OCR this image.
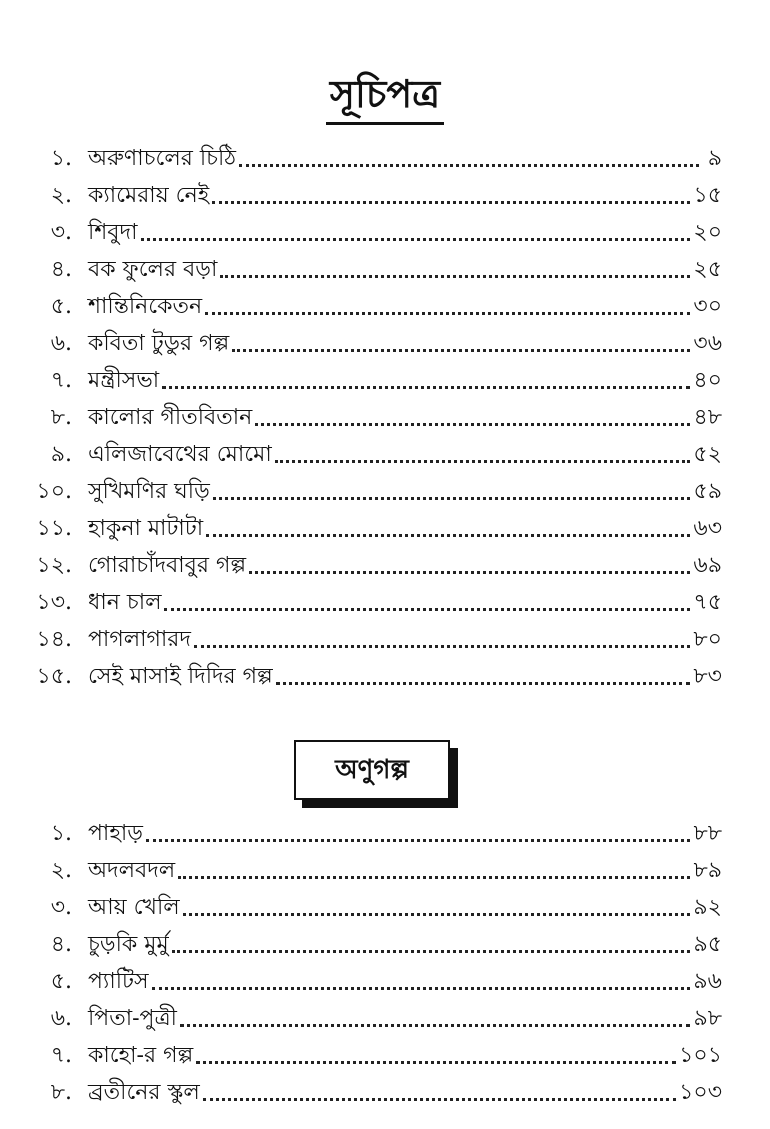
সূচিপত্র
১. অরুণাচলের চিঠি	৯
২. ক্যামেরায় নেই	১৫
৩. শিবুদা	২০
৪. বক ফুলের বড়া	২৫
৫. শান্তিনিকেতন	৩০
৬. কবিতা টুডুর গল্প	৩৬
৭. মন্ত্রীসভা	৪০
৮. কালোর গীতবিতান	৪৮
৯. এলিজাবেথের মোমো	৫২
১০. সুখিমণির ঘড়ি	৫৯
১১. হাকুনা মাটাটা	৬৩
১২. গোরাচাঁদবাবুর গল্প	৬৯
১৩. ধান চাল	৭৫
১৪. পাগলাগারদ	৮০
১৫. সেই মাসাই দিদির গল্প	৮৩
অণুগল্প
১. পাহাড়	৮৮
২. অদলবদল	৮৯
৩. আয় খেলি	৯২
৪. চুড়কি মুর্মু	৯৫
৫. প্যাটিস	৯৬
৬. পিতা-পুত্রী	৯৮
৭. কাহো-র গল্প	১০১
৮. ব্রতীনের স্কুল	১০৩
